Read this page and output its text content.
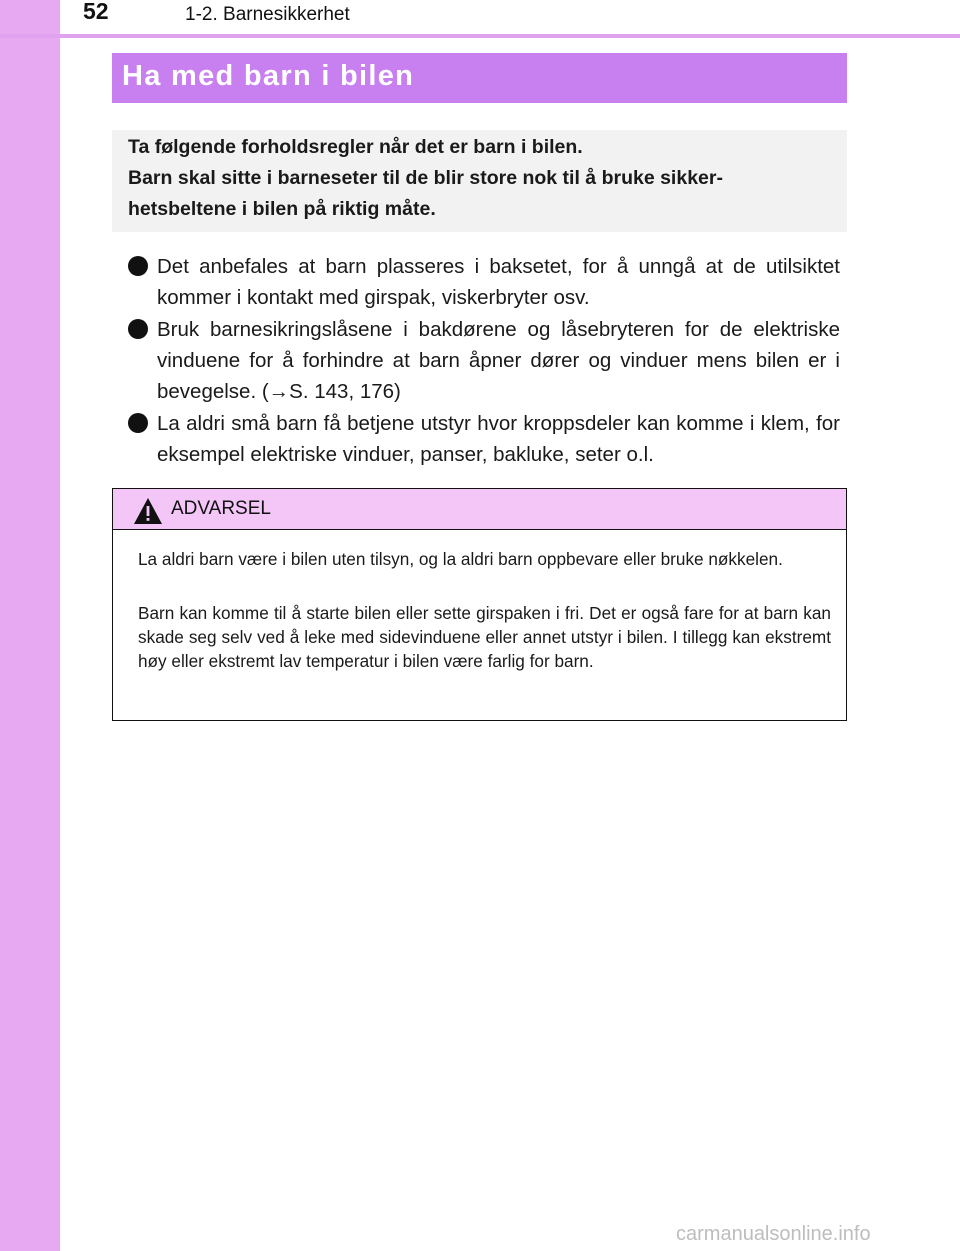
52	1-2. Barnesikkerhet
Ha med barn i bilen
Ta følgende forholdsregler når det er barn i bilen.
Barn skal sitte i barneseter til de blir store nok til å bruke sikker-
hetsbeltene i bilen på riktig måte.
Det anbefales at barn plasseres i baksetet, for å unngå at de utilsiktet kommer i kontakt med girspak, viskerbryter osv.
Bruk barnesikringslåsene i bakdørene og låsebryteren for de elektriske vinduene for å forhindre at barn åpner dører og vinduer mens bilen er i bevegelse. (→S. 143, 176)
La aldri små barn få betjene utstyr hvor kroppsdeler kan komme i klem, for eksempel elektriske vinduer, panser, bakluke, seter o.l.
ADVARSEL
La aldri barn være i bilen uten tilsyn, og la aldri barn oppbevare eller bruke nøkkelen.
Barn kan komme til å starte bilen eller sette girspaken i fri. Det er også fare for at barn kan skade seg selv ved å leke med sidevinduene eller annet utstyr i bilen. I tillegg kan ekstremt høy eller ekstremt lav temperatur i bilen være farlig for barn.
carmanualsonline.info
